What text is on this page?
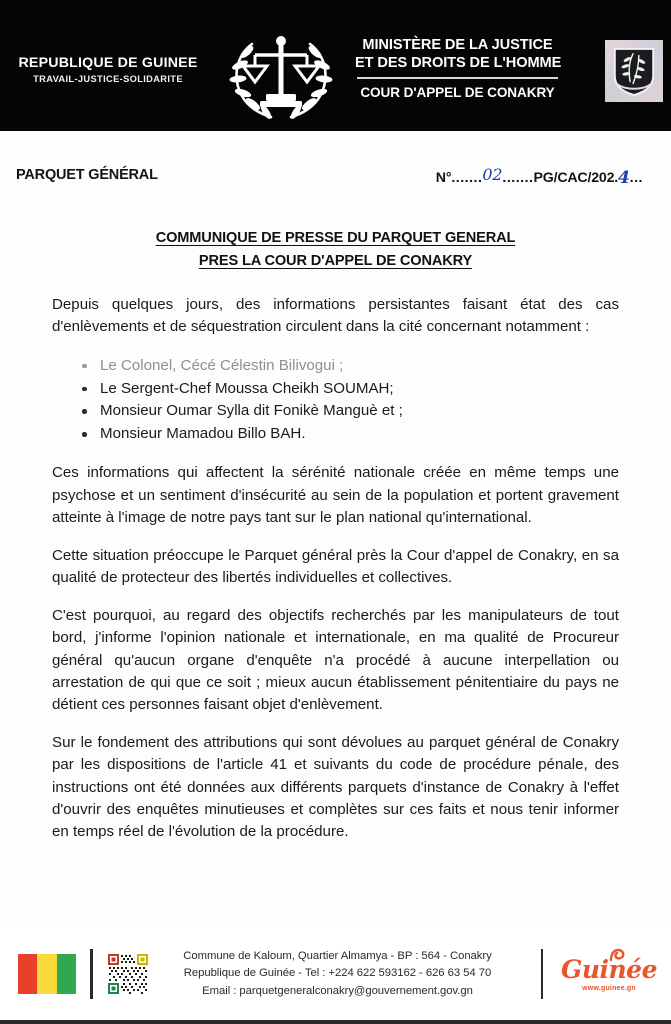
REPUBLIQUE DE GUINEE
TRAVAIL-JUSTICE-SOLIDARITE
MINISTÈRE DE LA JUSTICE
ET DES DROITS DE L'HOMME
COUR D'APPEL DE CONAKRY
PARQUET GÉNÉRAL	N°.......02.......PG/CAC/202.4...
COMMUNIQUE DE PRESSE DU PARQUET GENERAL
PRES LA COUR D'APPEL DE CONAKRY

Depuis quelques jours, des informations persistantes faisant état des cas d'enlèvements et de séquestration circulent dans la cité concernant notamment :

Le Colonel, Cécé Célestin Bilivogui ;
Le Sergent-Chef Moussa Cheikh SOUMAH;
Monsieur Oumar Sylla dit Fonikè Manguè et ;
Monsieur Mamadou Billo BAH.

Ces informations qui affectent la sérénité nationale créée en même temps une psychose et un sentiment d'insécurité au sein de la population et portent gravement atteinte à l'image de notre pays tant sur le plan national qu'international.

Cette situation préoccupe le Parquet général près la Cour d'appel de Conakry, en sa qualité de protecteur des libertés individuelles et collectives.

C'est pourquoi, au regard des objectifs recherchés par les manipulateurs de tout bord, j'informe l'opinion nationale et internationale, en ma qualité de Procureur général qu'aucun organe d'enquête n'a procédé à aucune interpellation ou arrestation de qui que ce soit ; mieux aucun établissement pénitentiaire du pays ne détient ces personnes faisant objet d'enlèvement.

Sur le fondement des attributions qui sont dévolues au parquet général de Conakry par les dispositions de l'article 41 et suivants du code de procédure pénale, des instructions ont été données aux différents parquets d'instance de Conakry à l'effet d'ouvrir des enquêtes minutieuses et complètes sur ces faits et nous tenir informer en temps réel de l'évolution de la procédure.

Commune de Kaloum, Quartier Almamya - BP : 564 - Conakry
Republique de Guinée - Tel : +224 622 593162 - 626 63 54 70
Email : parquetgeneralconakry@gouvernement.gov.gn
Guinée
www.guinee.gn
